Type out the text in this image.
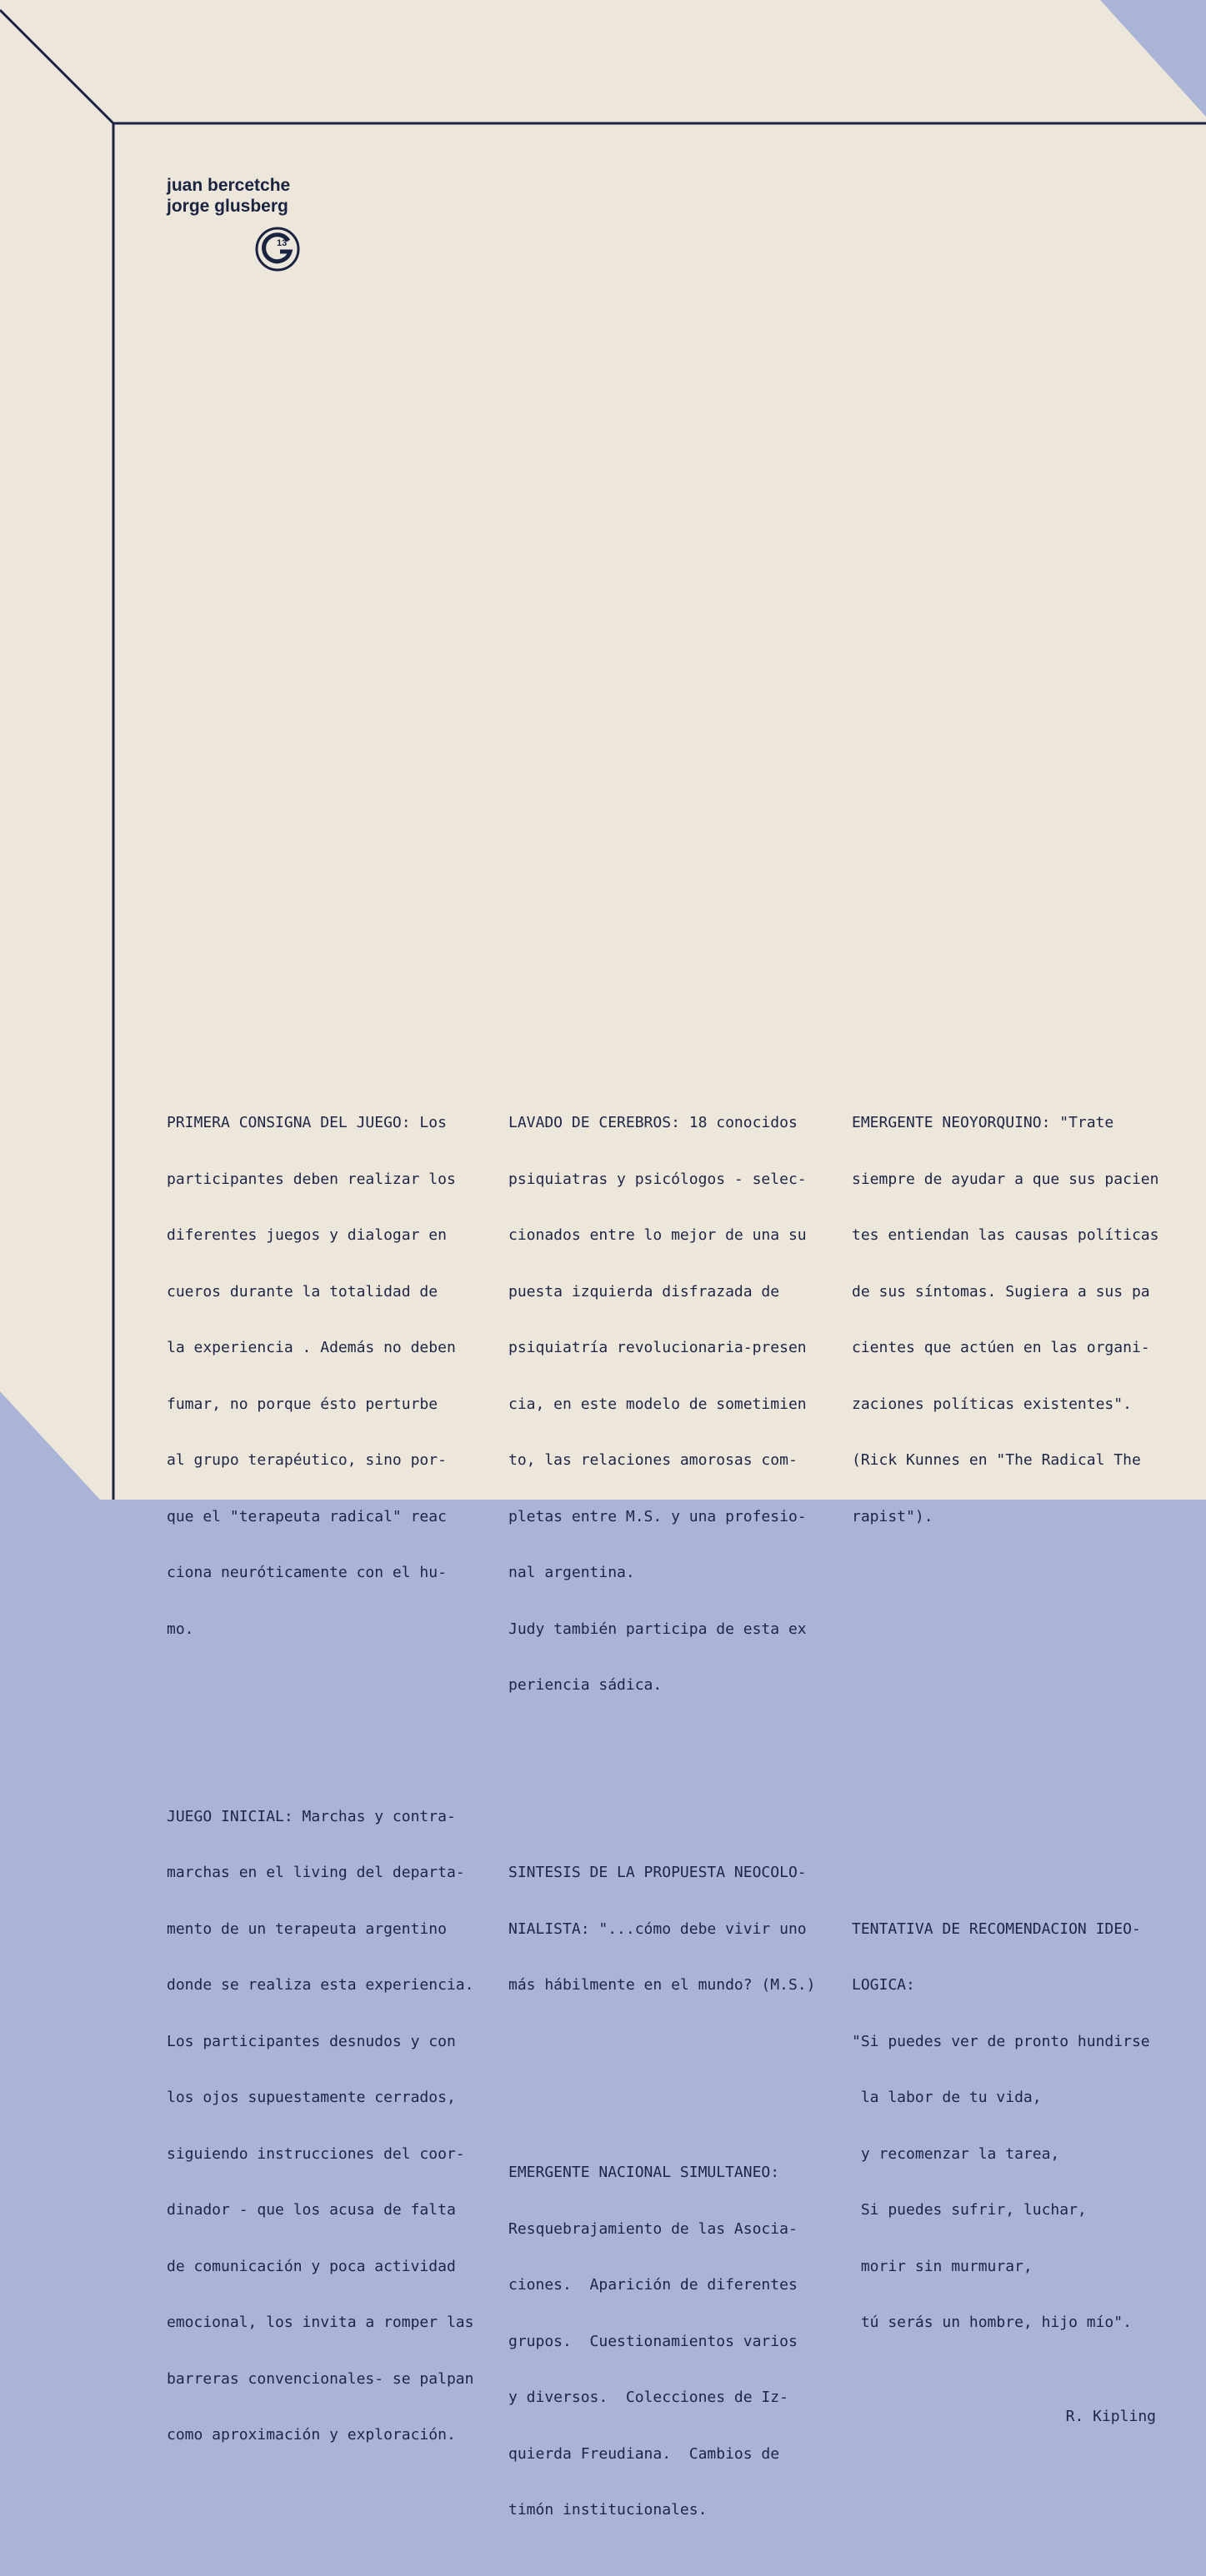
juan bercetche
jorge glusberg
13

PRIMERA CONSIGNA DEL JUEGO: Los

participantes deben realizar los

diferentes juegos y dialogar en

cueros durante la totalidad de

la experiencia . Además no deben

fumar, no porque ésto perturbe

al grupo terapéutico, sino por-

que el "terapeuta radical" reac

ciona neuróticamente con el hu-

mo.

JUEGO INICIAL: Marchas y contra-

marchas en el living del departa-

mento de un terapeuta argentino

donde se realiza esta experiencia.

Los participantes desnudos y con

los ojos supuestamente cerrados,

siguiendo instrucciones del coor-

dinador - que los acusa de falta

de comunicación y poca actividad

emocional, los invita a romper las

barreras convencionales- se palpan

como aproximación y exploración.

LAVADO DE CEREBROS: 18 conocidos

psiquiatras y psicólogos - selec-

cionados entre lo mejor de una su

puesta izquierda disfrazada de

psiquiatría revolucionaria-presen

cia, en este modelo de sometimien

to, las relaciones amorosas com-

pletas entre M.S. y una profesio-

nal argentina.

Judy también participa de esta ex

periencia sádica.

SINTESIS DE LA PROPUESTA NEOCOLO-

NIALISTA: "...cómo debe vivir uno

más hábilmente en el mundo? (M.S.)

EMERGENTE NACIONAL SIMULTANEO:

Resquebrajamiento de las Asocia-

ciones.  Aparición de diferentes

grupos.  Cuestionamientos varios

y diversos.  Colecciones de Iz-

quierda Freudiana.  Cambios de

timón institucionales.

EMERGENTE NEOYORQUINO: "Trate

siempre de ayudar a que sus pacien

tes entiendan las causas políticas

de sus síntomas. Sugiera a sus pa

cientes que actúen en las organi-

zaciones políticas existentes".

(Rick Kunnes en "The Radical The

rapist").

TENTATIVA DE RECOMENDACION IDEO-

LOGICA:

"Si puedes ver de pronto hundirse

la labor de tu vida,

y recomenzar la tarea,

Si puedes sufrir, luchar,

morir sin murmurar,

tú serás un hombre, hijo mío".

R. Kipling
